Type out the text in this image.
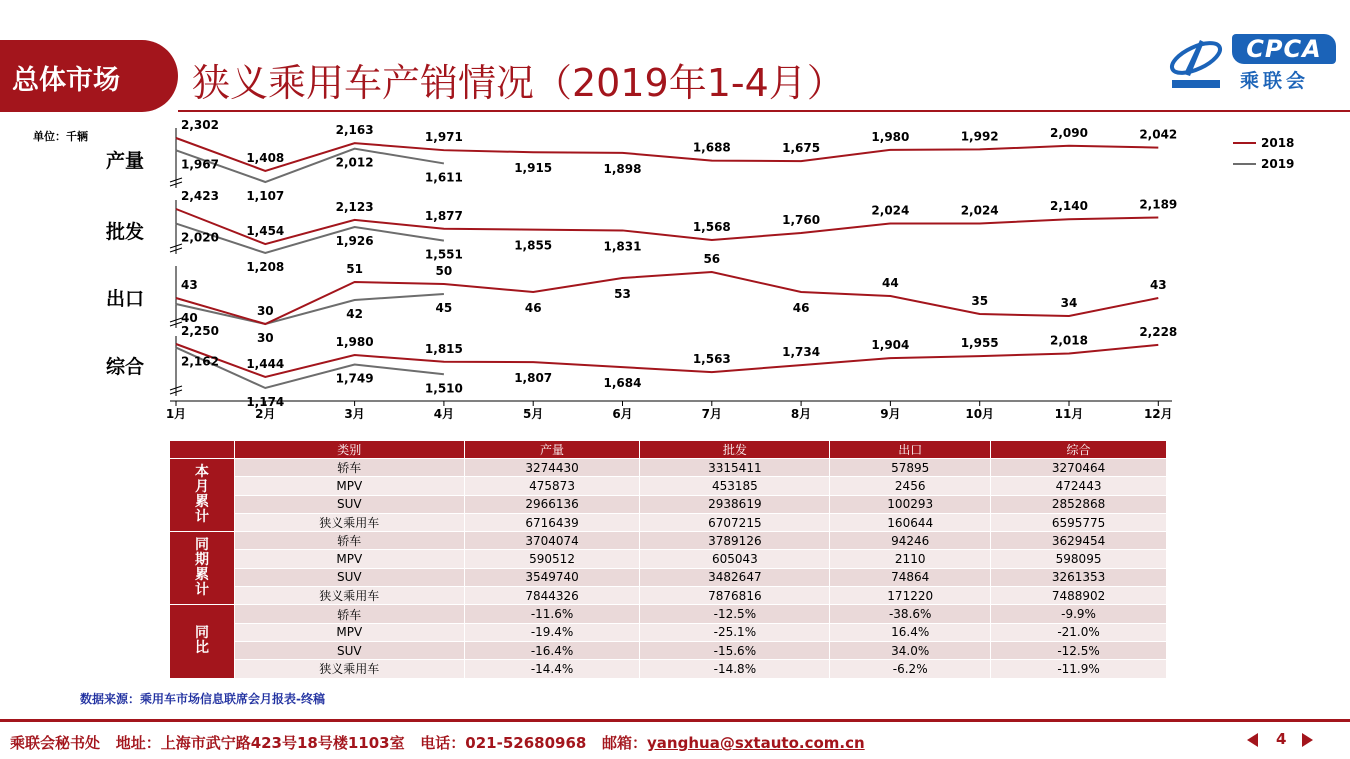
总体市场 狭义乘用车产销情况（2019年1-4月）
CPCA
乘联会
单位：千辆
产量
2,302
1,967 1,408
1,107
2,163
2,012
1,971
1,611
1,915	1,898
1,688	1,675
1,980	1,992	2,090	2,042
批发
2,423
2,020 1,454
1,208
2,123
1,926
1,877
1,551
1,855	1,831
1,568	1,760
2,024	2,024	2,140	2,189
出口
43
40	30
30
51
42
50
45	46
53
56
46
44
35	34
43
综合
2,250
2,162 1,444
1,174
1,980
1,749
1,815
1,510
1,807	1,684
1,563	1,734	1,904	1,955	2,018
2,228
1月	2月	3月	4月	5月	6月	7月	8月	9月	10月	11月	12月
2018
2019
	类别	产量	批发	出口	综合
本
月
累
计	轿车	3274430	3315411	57895	3270464
	MPV	475873	453185	2456	472443
	SUV	2966136	2938619	100293	2852868
	狭义乘用车	6716439	6707215	160644	6595775
同
期
累
计	轿车	3704074	3789126	94246	3629454
	MPV	590512	605043	2110	598095
	SUV	3549740	3482647	74864	3261353
	狭义乘用车	7844326	7876816	171220	7488902
同
比	轿车	-11.6%	-12.5%	-38.6%	-9.9%
	MPV	-19.4%	-25.1%	16.4%	-21.0%
	SUV	-16.4%	-15.6%	34.0%	-12.5%
	狭义乘用车	-14.4%	-14.8%	-6.2%	-11.9%
数据来源：乘用车市场信息联席会月报表-终稿
乘联会秘书处 地址：上海市武宁路423号18号楼1103室 电话：021-52680968 邮箱：yanghua@sxtauto.com.cn	4
